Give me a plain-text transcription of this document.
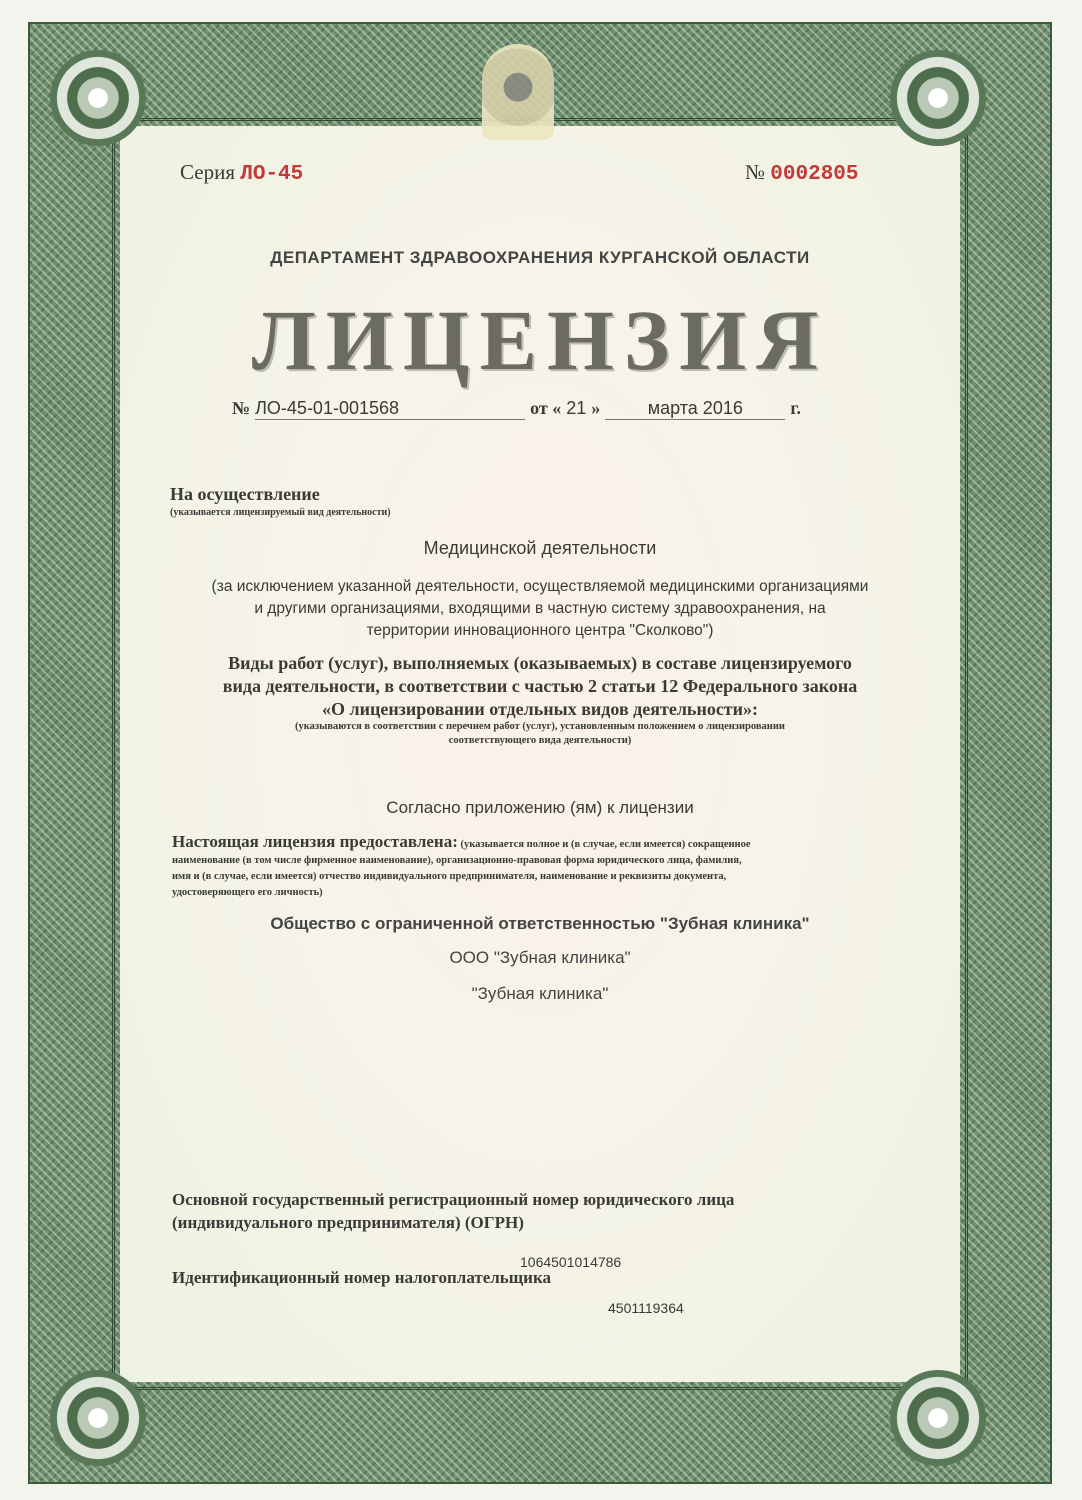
Серия ЛО-45	№ 0002805
ДЕПАРТАМЕНТ ЗДРАВООХРАНЕНИЯ КУРГАНСКОЙ ОБЛАСТИ
ЛИЦЕНЗИЯ
№ ЛО-45-01-001568	от « 21 »	марта 2016	г.
На осуществление
(указывается лицензируемый вид деятельности)
Медицинской деятельности
(за исключением указанной деятельности, осуществляемой медицинскими организациями
и другими организациями, входящими в частную систему здравоохранения, на
территории инновационного центра "Сколково")
Виды работ (услуг), выполняемых (оказываемых) в составе лицензируемого
вида деятельности, в соответствии с частью 2 статьи 12 Федерального закона
«О лицензировании отдельных видов деятельности»:
(указываются в соответствии с перечнем работ (услуг), установленным положением о лицензировании
соответствующего вида деятельности)
Согласно приложению (ям) к лицензии
Настоящая лицензия предоставлена: (указывается полное и (в случае, если имеется) сокращенное
наименование (в том числе фирменное наименование), организационно-правовая форма юридического лица, фамилия,
имя и (в случае, если имеется) отчество индивидуального предпринимателя, наименование и реквизиты документа,
удостоверяющего его личность)
Общество с ограниченной ответственностью "Зубная клиника"
ООО "Зубная клиника"
"Зубная клиника"
Основной государственный регистрационный номер юридического лица
(индивидуального предпринимателя) (ОГРН)
1064501014786
Идентификационный номер налогоплательщика
4501119364
